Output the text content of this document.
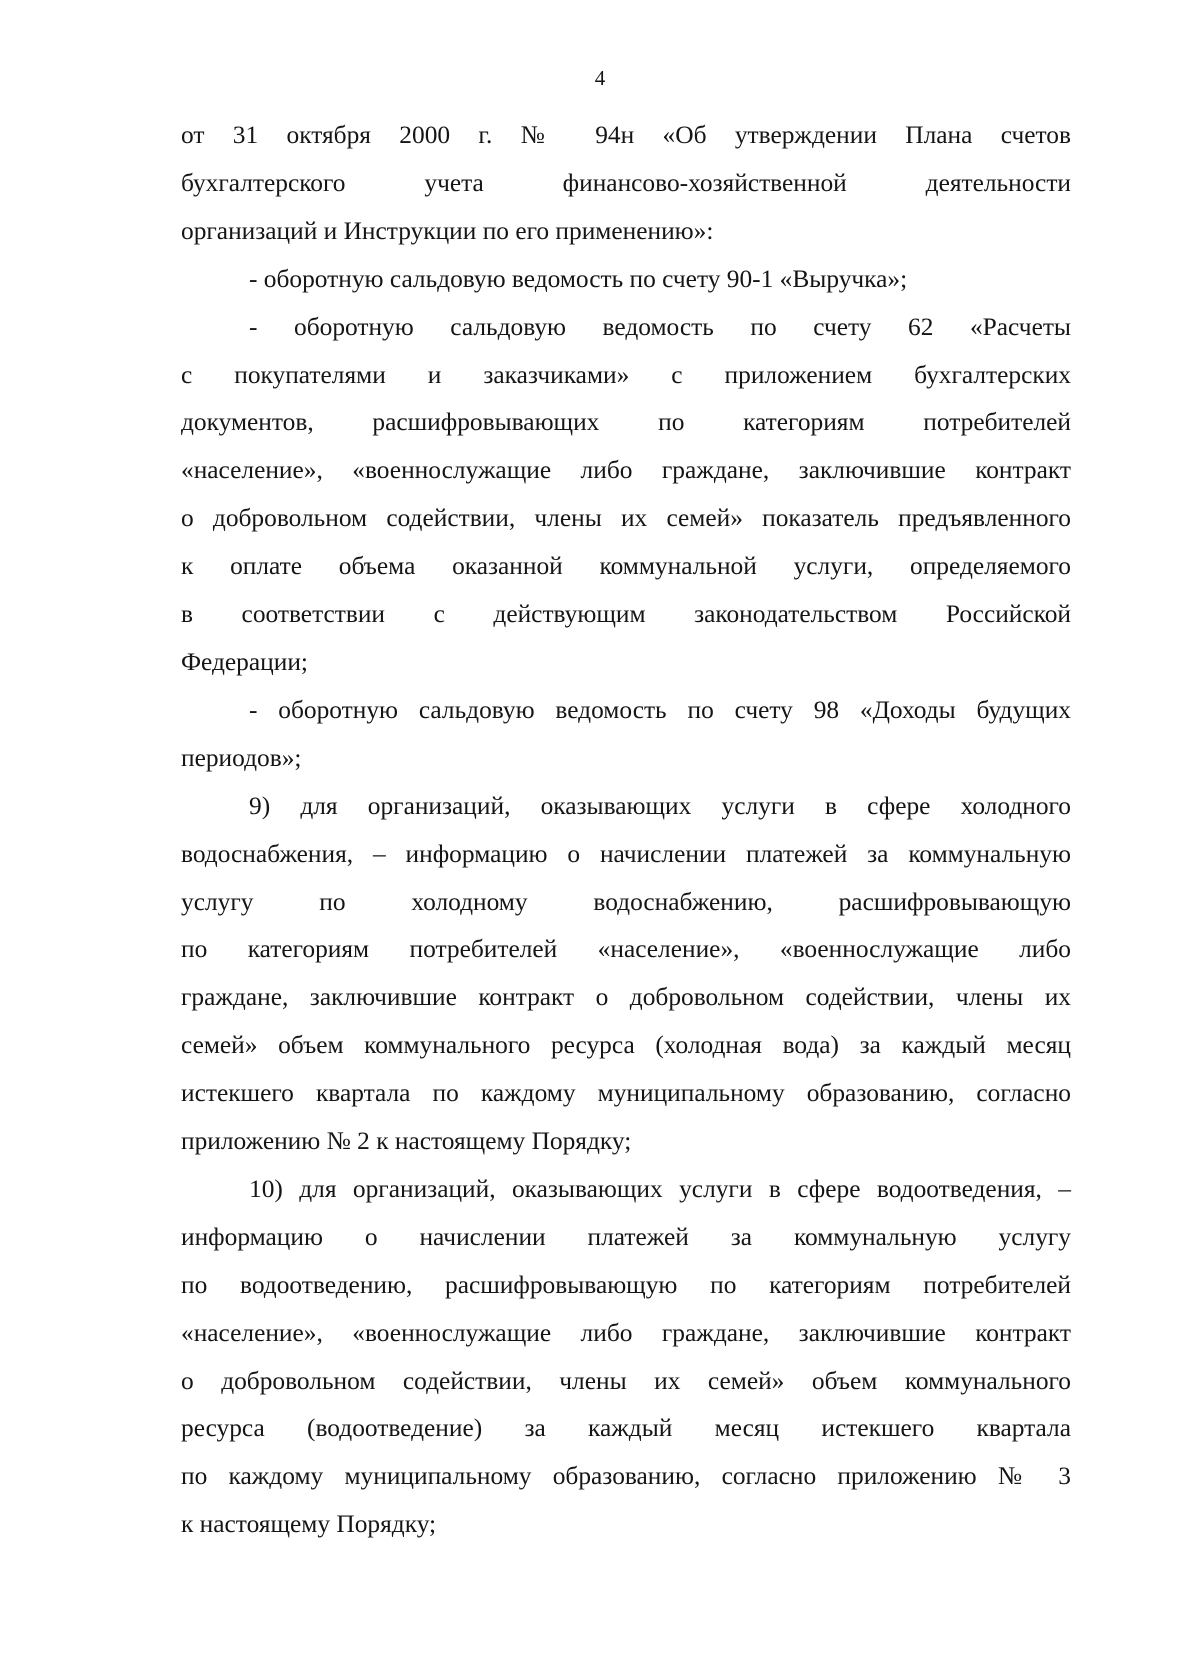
4
от 31 октября 2000 г. № 94н «Об утверждении Плана счетов
бухгалтерского учета финансово-хозяйственной деятельности
организаций и Инструкции по его применению»:
- оборотную сальдовую ведомость по счету 90-1 «Выручка»;
- оборотную сальдовую ведомость по счету 62 «Расчеты
с покупателями и заказчиками» с приложением бухгалтерских
документов, расшифровывающих по категориям потребителей
«население», «военнослужащие либо граждане, заключившие контракт
о добровольном содействии, члены их семей» показатель предъявленного
к оплате объема оказанной коммунальной услуги, определяемого
в соответствии с действующим законодательством Российской
Федерации;
- оборотную сальдовую ведомость по счету 98 «Доходы будущих
периодов»;
9) для организаций, оказывающих услуги в сфере холодного
водоснабжения, – информацию о начислении платежей за коммунальную
услугу по холодному водоснабжению, расшифровывающую
по категориям потребителей «население», «военнослужащие либо
граждане, заключившие контракт о добровольном содействии, члены их
семей» объем коммунального ресурса (холодная вода) за каждый месяц
истекшего квартала по каждому муниципальному образованию, согласно
приложению № 2 к настоящему Порядку;
10) для организаций, оказывающих услуги в сфере водоотведения, –
информацию о начислении платежей за коммунальную услугу
по водоотведению, расшифровывающую по категориям потребителей
«население», «военнослужащие либо граждане, заключившие контракт
о добровольном содействии, члены их семей» объем коммунального
ресурса (водоотведение) за каждый месяц истекшего квартала
по каждому муниципальному образованию, согласно приложению № 3
к настоящему Порядку;
